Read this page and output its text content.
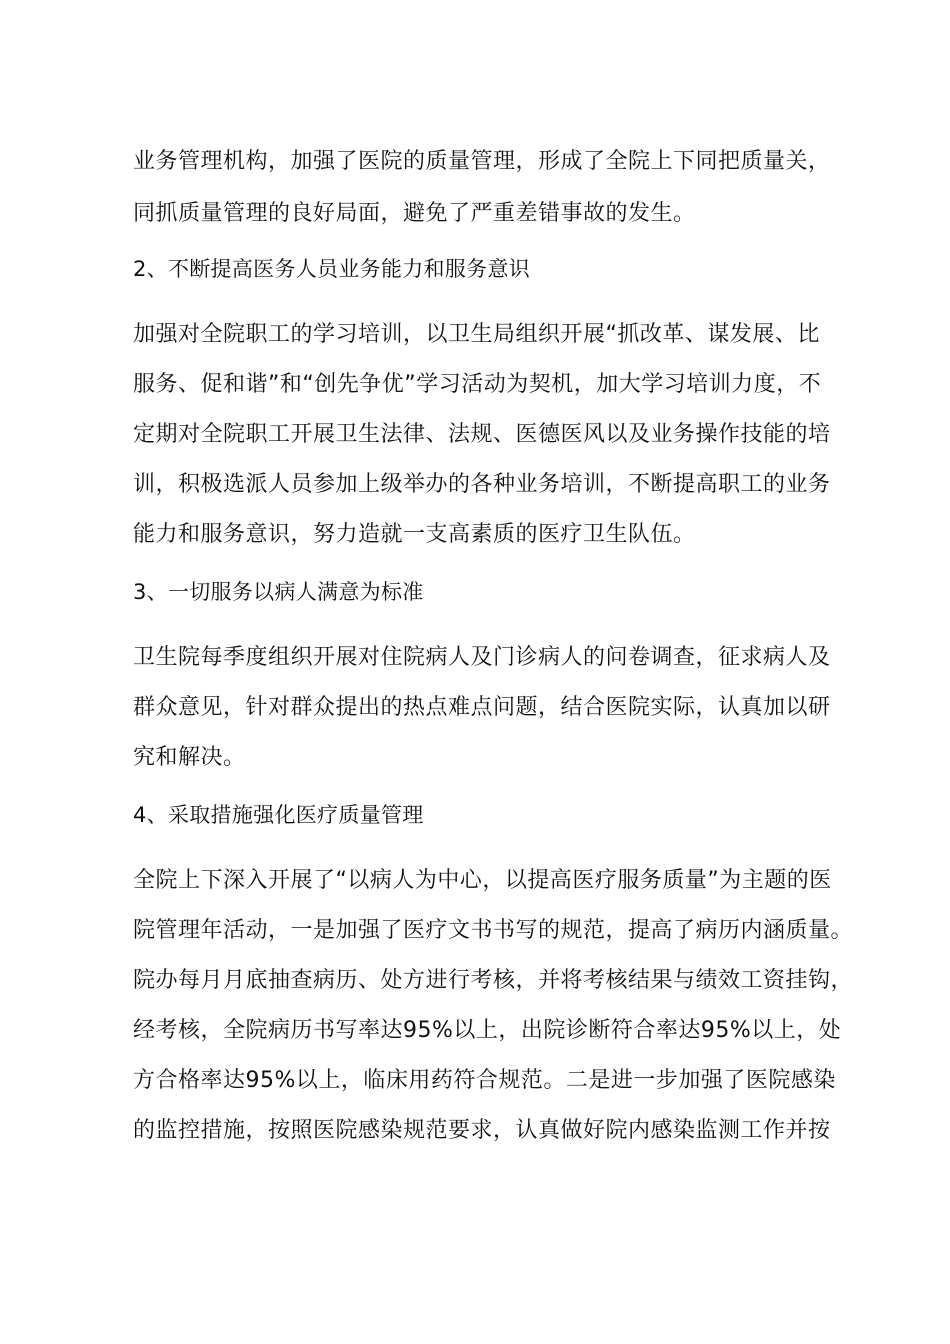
业务管理机构，加强了医院的质量管理，形成了全院上下同把质量关，
同抓质量管理的良好局面，避免了严重差错事故的发生。
2、不断提高医务人员业务能力和服务意识
加强对全院职工的学习培训，以卫生局组织开展“抓改革、谋发展、比
服务、促和谐”和“创先争优”学习活动为契机，加大学习培训力度，不
定期对全院职工开展卫生法律、法规、医德医风以及业务操作技能的培
训，积极选派人员参加上级举办的各种业务培训，不断提高职工的业务
能力和服务意识，努力造就一支高素质的医疗卫生队伍。
3、一切服务以病人满意为标准
卫生院每季度组织开展对住院病人及门诊病人的问卷调查，征求病人及
群众意见，针对群众提出的热点难点问题，结合医院实际，认真加以研
究和解决。
4、采取措施强化医疗质量管理
全院上下深入开展了“以病人为中心，以提高医疗服务质量”为主题的医
院管理年活动，一是加强了医疗文书书写的规范，提高了病历内涵质量。
院办每月月底抽查病历、处方进行考核，并将考核结果与绩效工资挂钩，
经考核，全院病历书写率达95%以上，出院诊断符合率达95%以上，处
方合格率达95%以上，临床用药符合规范。二是进一步加强了医院感染
的监控措施，按照医院感染规范要求，认真做好院内感染监测工作并按
